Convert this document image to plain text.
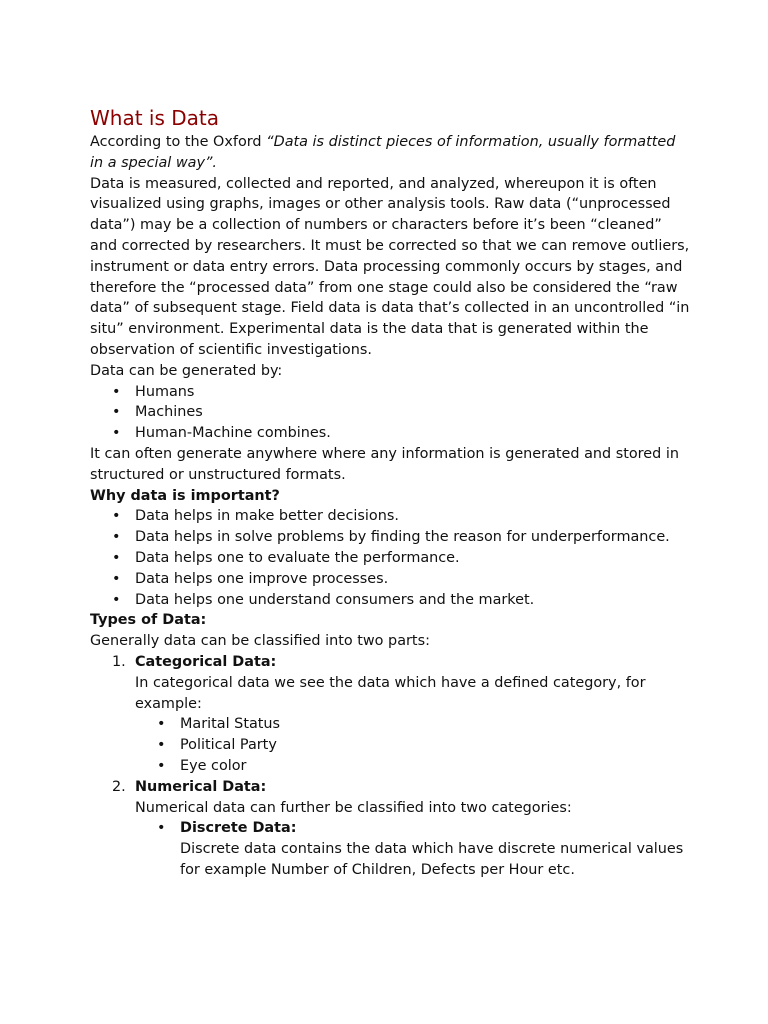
What is Data

According to the Oxford “Data is distinct pieces of information, usually formatted in a special way”.

Data is measured, collected and reported, and analyzed, whereupon it is often visualized using graphs, images or other analysis tools. Raw data (“unprocessed data”) may be a collection of numbers or characters before it’s been “cleaned” and corrected by researchers. It must be corrected so that we can remove outliers, instrument or data entry errors. Data processing commonly occurs by stages, and therefore the “processed data” from one stage could also be considered the “raw data” of subsequent stage. Field data is data that’s collected in an uncontrolled “in situ” environment. Experimental data is the data that is generated within the observation of scientific investigations.

Data can be generated by:

• Humans
• Machines
• Human-Machine combines.

It can often generate anywhere where any information is generated and stored in structured or unstructured formats.

Why data is important?

• Data helps in make better decisions.
• Data helps in solve problems by finding the reason for underperformance.
• Data helps one to evaluate the performance.
• Data helps one improve processes.
• Data helps one understand consumers and the market.

Types of Data:

Generally data can be classified into two parts:

1. Categorical Data:

In categorical data we see the data which have a defined category, for example:

• Marital Status
• Political Party
• Eye color
2. Numerical Data:

Numerical data can further be classified into two categories:

• Discrete Data:

Discrete data contains the data which have discrete numerical values for example Number of Children, Defects per Hour etc.
